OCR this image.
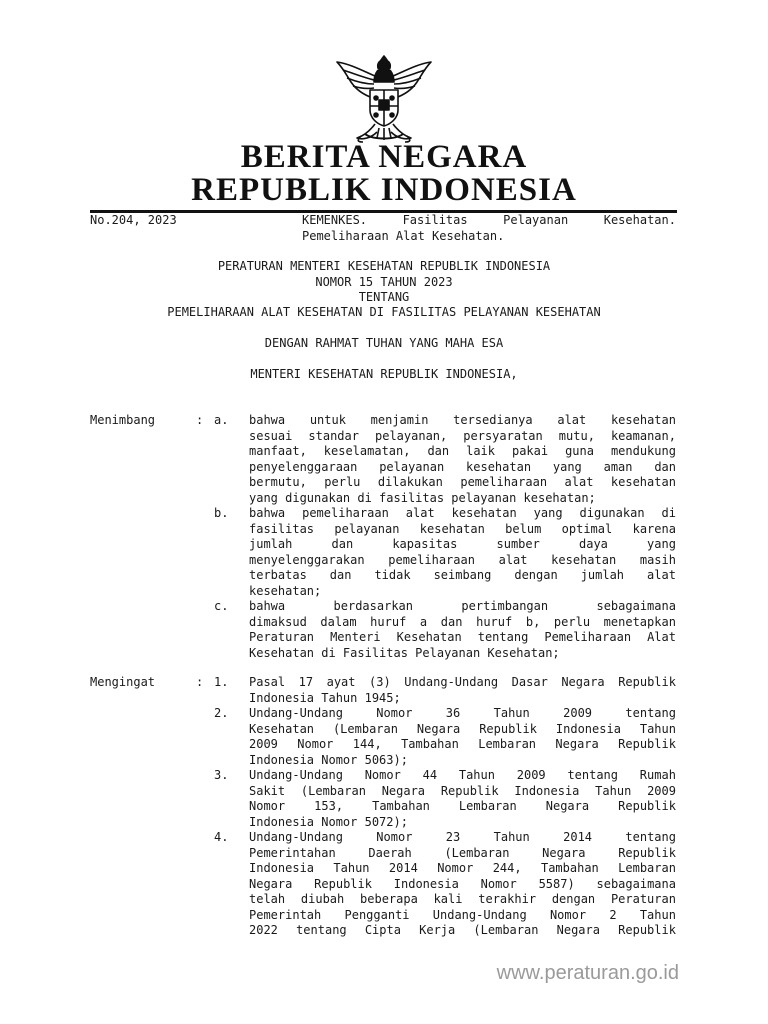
BERITA NEGARA
REPUBLIK INDONESIA
No.204, 2023	KEMENKES.	Fasilitas	Pelayanan	Kesehatan.
Pemeliharaan Alat Kesehatan.
PERATURAN MENTERI KESEHATAN REPUBLIK INDONESIA
NOMOR 15 TAHUN 2023
TENTANG
PEMELIHARAAN ALAT KESEHATAN DI FASILITAS PELAYANAN KESEHATAN
DENGAN RAHMAT TUHAN YANG MAHA ESA
MENTERI KESEHATAN REPUBLIK INDONESIA,
Menimbang	: a.	bahwa untuk menjamin tersedianya alat kesehatan
sesuai standar pelayanan, persyaratan mutu, keamanan,
manfaat, keselamatan, dan laik pakai guna mendukung
penyelenggaraan pelayanan kesehatan yang aman dan
bermutu, perlu dilakukan pemeliharaan alat kesehatan
yang digunakan di fasilitas pelayanan kesehatan;
b.	bahwa pemeliharaan alat kesehatan yang digunakan di
fasilitas pelayanan kesehatan belum optimal karena
jumlah	dan	kapasitas	sumber	daya	yang
menyelenggarakan pemeliharaan alat kesehatan masih
terbatas dan tidak seimbang dengan jumlah alat
kesehatan;
c.	bahwa	berdasarkan	pertimbangan	sebagaimana
dimaksud dalam huruf a dan huruf b, perlu menetapkan
Peraturan Menteri Kesehatan tentang Pemeliharaan Alat
Kesehatan di Fasilitas Pelayanan Kesehatan;
Mengingat	: 1.	Pasal 17 ayat (3) Undang-Undang Dasar Negara Republik
Indonesia Tahun 1945;
2.	Undang-Undang	Nomor	36	Tahun	2009	tentang
Kesehatan (Lembaran Negara Republik Indonesia Tahun
2009 Nomor 144, Tambahan Lembaran Negara Republik
Indonesia Nomor 5063);
3.	Undang-Undang Nomor 44 Tahun 2009 tentang Rumah
Sakit (Lembaran Negara Republik Indonesia Tahun 2009
Nomor 153, Tambahan Lembaran Negara Republik
Indonesia Nomor 5072);
4.	Undang-Undang	Nomor	23	Tahun	2014	tentang
Pemerintahan	Daerah	(Lembaran	Negara	Republik
Indonesia Tahun 2014 Nomor 244, Tambahan Lembaran
Negara Republik Indonesia Nomor 5587) sebagaimana
telah diubah beberapa kali terakhir dengan Peraturan
Pemerintah Pengganti Undang-Undang Nomor 2 Tahun
2022 tentang Cipta Kerja (Lembaran Negara Republik
www.peraturan.go.id
